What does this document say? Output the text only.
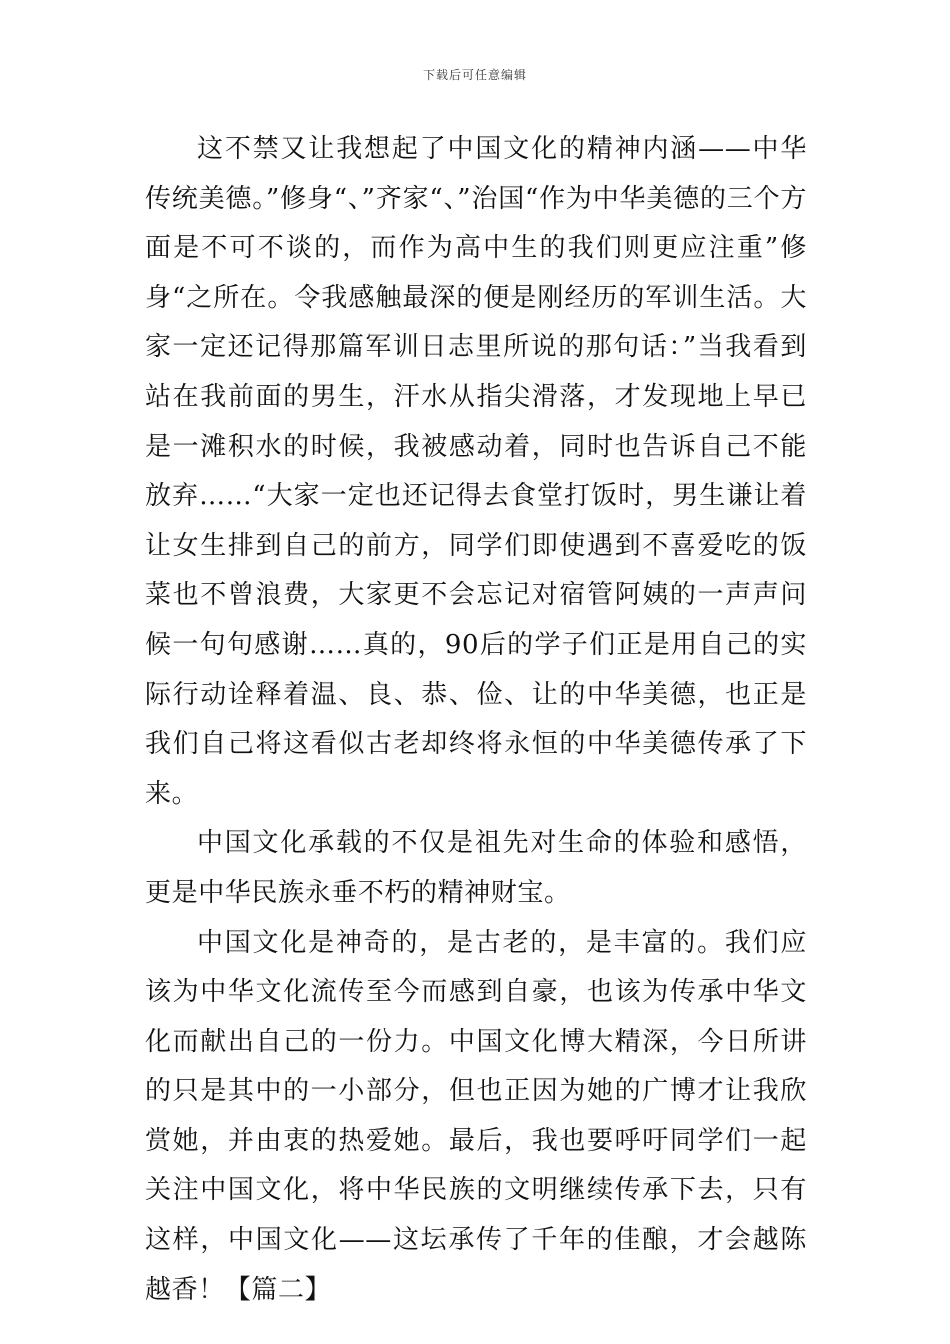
下载后可任意编辑

这不禁又让我想起了中国文化的精神内涵——中华传统美德。”修身“、”齐家“、”治国“作为中华美德的三个方面是不可不谈的，而作为高中生的我们则更应注重”修身“之所在。令我感触最深的便是刚经历的军训生活。大家一定还记得那篇军训日志里所说的那句话：”当我看到站在我前面的男生，汗水从指尖滑落，才发现地上早已是一滩积水的时候，我被感动着，同时也告诉自己不能放弃……“大家一定也还记得去食堂打饭时，男生谦让着让女生排到自己的前方，同学们即使遇到不喜爱吃的饭菜也不曾浪费，大家更不会忘记对宿管阿姨的一声声问候一句句感谢……真的，90后的学子们正是用自己的实际行动诠释着温、良、恭、俭、让的中华美德，也正是我们自己将这看似古老却终将永恒的中华美德传承了下来。

中国文化承载的不仅是祖先对生命的体验和感悟，更是中华民族永垂不朽的精神财宝。

中国文化是神奇的，是古老的，是丰富的。我们应该为中华文化流传至今而感到自豪，也该为传承中华文化而献出自己的一份力。中国文化博大精深，今日所讲的只是其中的一小部分，但也正因为她的广博才让我欣赏她，并由衷的热爱她。最后，我也要呼吁同学们一起关注中国文化，将中华民族的文明继续传承下去，只有这样，中国文化——这坛承传了千年的佳酿，才会越陈越香！【篇二】
